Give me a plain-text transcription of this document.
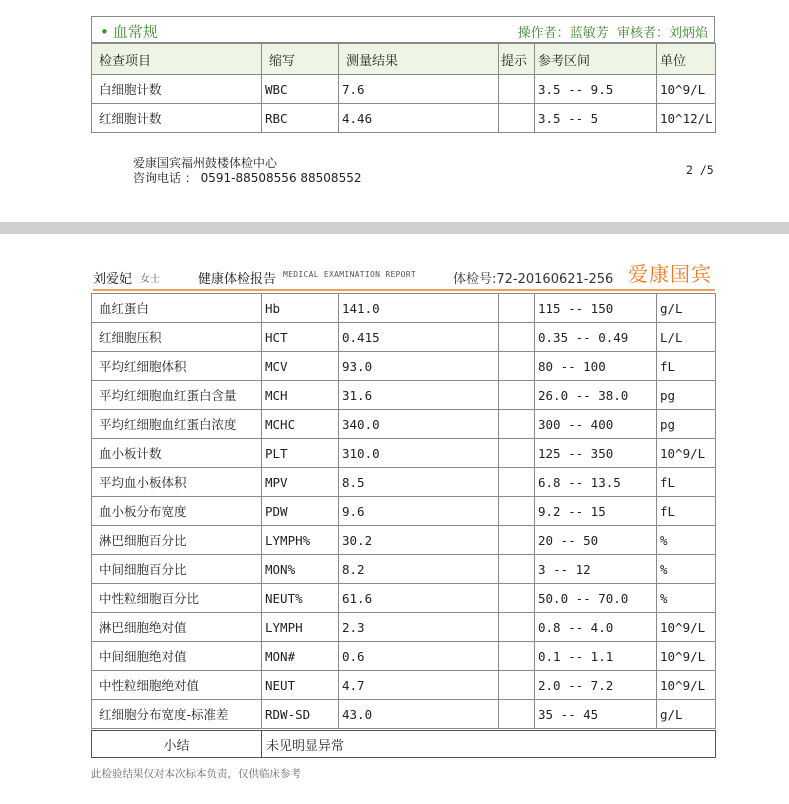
• 血常规	操作者：蓝敏芳 审核者：刘炳焰
检查项目	缩写	测量结果	提示	参考区间	单位
白细胞计数	WBC	7.6		3.5 -- 9.5	10^9/L
红细胞计数	RBC	4.46		3.5 -- 5	10^12/L
爱康国宾福州鼓楼体检中心
咨询电话 ： 0591-88508556 88508552
2 /5
刘爱妃 女士	健康体检报告 MEDICAL EXAMINATION REPORT	体检号:72-20160621-256 爱康国宾
血红蛋白	Hb	141.0		115 -- 150	g/L
红细胞压积	HCT	0.415		0.35 -- 0.49	L/L
平均红细胞体积	MCV	93.0		80 -- 100	fL
平均红细胞血红蛋白含量	MCH	31.6		26.0 -- 38.0	pg
平均红细胞血红蛋白浓度	MCHC	340.0		300 -- 400	pg
血小板计数	PLT	310.0		125 -- 350	10^9/L
平均血小板体积	MPV	8.5		6.8 -- 13.5	fL
血小板分布宽度	PDW	9.6		9.2 -- 15	fL
淋巴细胞百分比	LYMPH%	30.2		20 -- 50	%
中间细胞百分比	MON%	8.2		3 -- 12	%
中性粒细胞百分比	NEUT%	61.6		50.0 -- 70.0	%
淋巴细胞绝对值	LYMPH	2.3		0.8 -- 4.0	10^9/L
中间细胞绝对值	MON#	0.6		0.1 -- 1.1	10^9/L
中性粒细胞绝对值	NEUT	4.7		2.0 -- 7.2	10^9/L
红细胞分布宽度-标准差	RDW-SD	43.0		35 -- 45	g/L
小结	未见明显异常
此检验结果仅对本次标本负责，仅供临床参考
